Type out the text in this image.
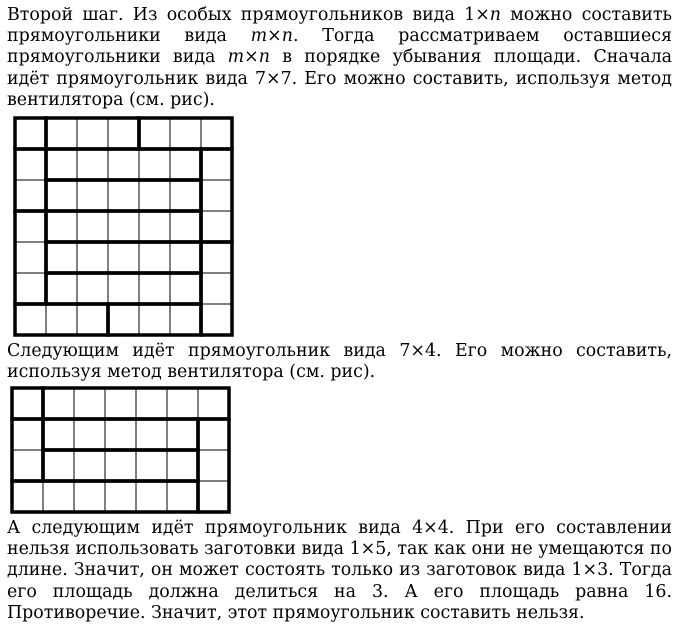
Второй шаг. Из особых прямоугольников вида 1×n можно составить прямоугольники вида m×n. Тогда рассматриваем оставшиеся прямоугольники вида m×n в порядке убывания площади. Сначала идёт прямоугольник вида 7×7. Его можно составить, используя метод вентилятора (см. рис).

Следующим идёт прямоугольник вида 7×4. Его можно составить, используя метод вентилятора (см. рис).

А следующим идёт прямоугольник вида 4×4. При его составлении нельзя использовать заготовки вида 1×5, так как они не умещаются по длине. Значит, он может состоять только из заготовок вида 1×3. Тогда его площадь должна делиться на 3. А его площадь равна 16. Противоречие. Значит, этот прямоугольник составить нельзя.
